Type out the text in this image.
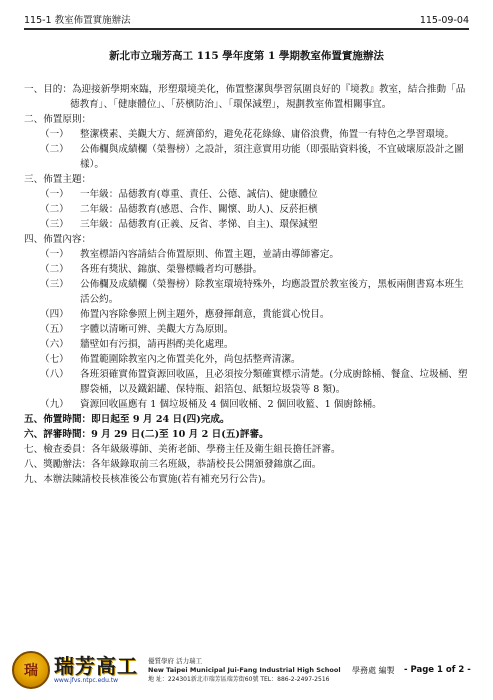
115-1 教室佈置實施辦法	115-09-04
新北市立瑞芳高工 115 學年度第 1 學期教室佈置實施辦法
一、目的：為迎接新學期來臨，形塑環境美化，佈置整潔與學習氛圍良好的『境教』教室，結合推動「品德教育」、「健康體位」、「菸檳防治」、「環保減塑」，規劃教室佈置相關事宜。
二、佈置原則：
（一）	整潔樸素、美觀大方、經濟節約，避免花花綠綠、庸俗浪費，佈置一有特色之學習環境。
（二）	公佈欄與成績欄（榮譽榜）之設計，須注意實用功能（即張貼資料後，不宜破壞原設計之圖樣）。
三、佈置主題：
（一）	一年級：品德教育(尊重、責任、公德、誠信)、健康體位
（二）	二年級：品德教育(感恩、合作、關懷、助人)、反菸拒檳
（三）	三年級：品德教育(正義、反省、孝悌、自主)、環保減塑
四、佈置內容：
（一）	教室標語內容請結合佈置原則、佈置主題，並請由導師審定。
（二）	各班有獎狀、錦旗、榮譽標幟者均可懸掛。
（三）	公佈欄及成績欄（榮譽榜）除教室環境特殊外，均應設置於教室後方，黑板兩側書寫本班生活公約。
（四）	佈置內容除參照上例主題外，應發揮創意，貴能賞心悅目。
（五）	字體以清晰可辨、美觀大方為原則。
（六）	牆壁如有污損，請再斟酌美化處理。
（七）	佈置範圍除教室內之佈置美化外，尚包括整齊清潔。
（八）	各班須確實佈置資源回收區，且必須按分類確實標示清楚。(分成廚餘桶、餐盒、垃圾桶、塑膠袋桶，以及鐵鋁罐、保特瓶、鋁箔包、紙類垃圾袋等 8 類)。
（九）	資源回收區應有 1 個垃圾桶及 4 個回收桶、2 個回收籃、1 個廚餘桶。
五、佈置時間：即日起至 9 月 24 日(四)完成。
六、評審時間：9 月 29 日(二)至 10 月 2 日(五)評審。
七、檢查委員：各年級級導師、美術老師、學務主任及衛生組長擔任評審。
八、獎勵辦法：各年級錄取前三名班級，恭請校長公開頒發錦旗乙面。
九、本辦法陳請校長核准後公布實施(若有補充另行公告)。
瑞 瑞芳高工
www.jfvs.ntpc.edu.tw
優質學府 活力瑞工
New Taipei Municipal Jui-Fang Industrial High School
地 址：224301新北市瑞芳區瑞芳街60號 TEL：886-2-2497-2516
學務處 編製	- Page 1 of 2 -
